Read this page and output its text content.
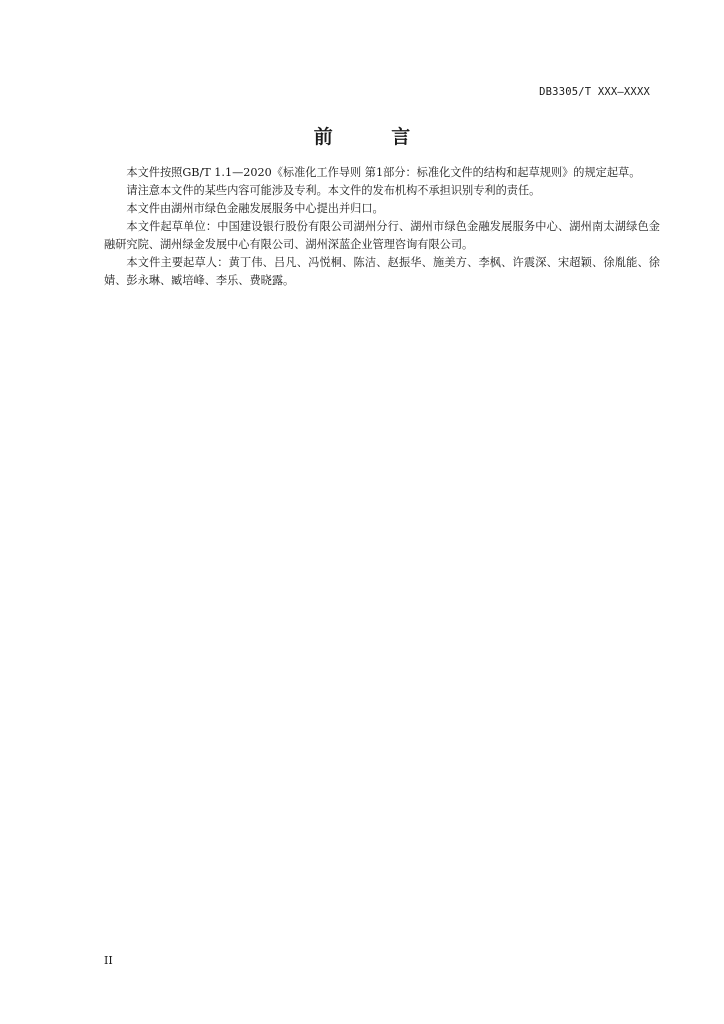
DB3305/T XXX—XXXX
前 言

本文件按照GB/T 1.1—2020《标准化工作导则 第1部分：标准化文件的结构和起草规则》的规定起草。

请注意本文件的某些内容可能涉及专利。本文件的发布机构不承担识别专利的责任。

本文件由湖州市绿色金融发展服务中心提出并归口。

本文件起草单位：中国建设银行股份有限公司湖州分行、湖州市绿色金融发展服务中心、湖州南太湖绿色金融研究院、湖州绿金发展中心有限公司、湖州深蓝企业管理咨询有限公司。

本文件主要起草人：黄丁伟、吕凡、冯悦桐、陈洁、赵振华、施美方、李枫、许震深、宋超颖、徐胤能、徐婧、彭永琳、臧培峰、李乐、费晓露。

II
